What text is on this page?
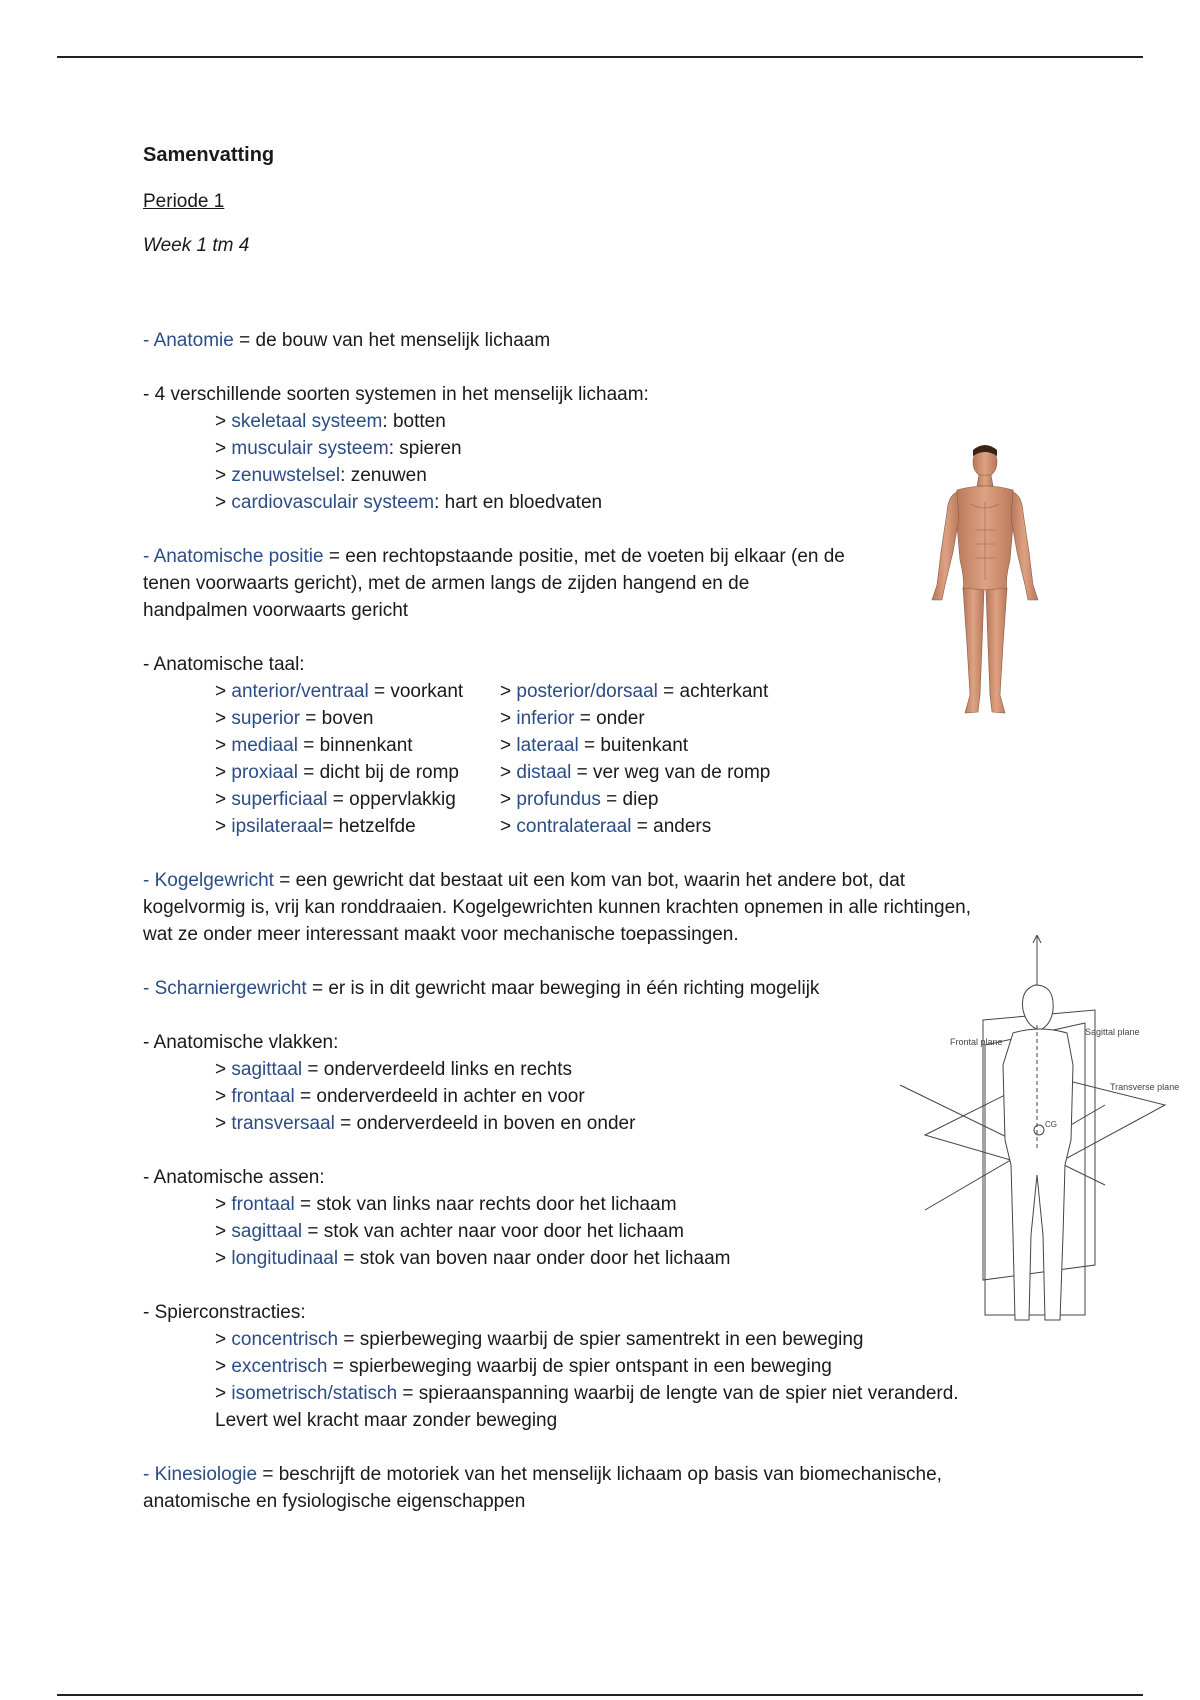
Samenvatting
Periode 1
Week 1 tm 4
- Anatomie = de bouw van het menselijk lichaam
- 4 verschillende soorten systemen in het menselijk lichaam:
> skeletaal systeem: botten
> musculair systeem: spieren
> zenuwstelsel: zenuwen
> cardiovasculair systeem: hart en bloedvaten
- Anatomische positie = een rechtopstaande positie, met de voeten bij elkaar (en de
tenen voorwaarts gericht), met de armen langs de zijden hangend en de
handpalmen voorwaarts gericht
- Anatomische taal:
> anterior/ventraal = voorkant	> posterior/dorsaal = achterkant
> superior = boven	> inferior = onder
> mediaal = binnenkant	> lateraal = buitenkant
> proxiaal = dicht bij de romp	> distaal = ver weg van de romp
> superficiaal = oppervlakkig	> profundus = diep
> ipsilateraal= hetzelfde	> contralateraal = anders
- Kogelgewricht = een gewricht dat bestaat uit een kom van bot, waarin het andere bot, dat
kogelvormig is, vrij kan ronddraaien. Kogelgewrichten kunnen krachten opnemen in alle richtingen,
wat ze onder meer interessant maakt voor mechanische toepassingen.
- Scharniergewricht = er is in dit gewricht maar beweging in één richting mogelijk
- Anatomische vlakken:
> sagittaal = onderverdeeld links en rechts
> frontaal = onderverdeeld in achter en voor
> transversaal = onderverdeeld in boven en onder
- Anatomische assen:
> frontaal = stok van links naar rechts door het lichaam
> sagittaal = stok van achter naar voor door het lichaam
> longitudinaal = stok van boven naar onder door het lichaam
- Spierconstracties:
> concentrisch = spierbeweging waarbij de spier samentrekt in een beweging
> excentrisch = spierbeweging waarbij de spier ontspant in een beweging
> isometrisch/statisch = spieraanspanning waarbij de lengte van de spier niet veranderd.
Levert wel kracht maar zonder beweging
- Kinesiologie = beschrijft de motoriek van het menselijk lichaam op basis van biomechanische,
anatomische en fysiologische eigenschappen
Frontal plane
Sagittal plane
Transverse plane
CG
